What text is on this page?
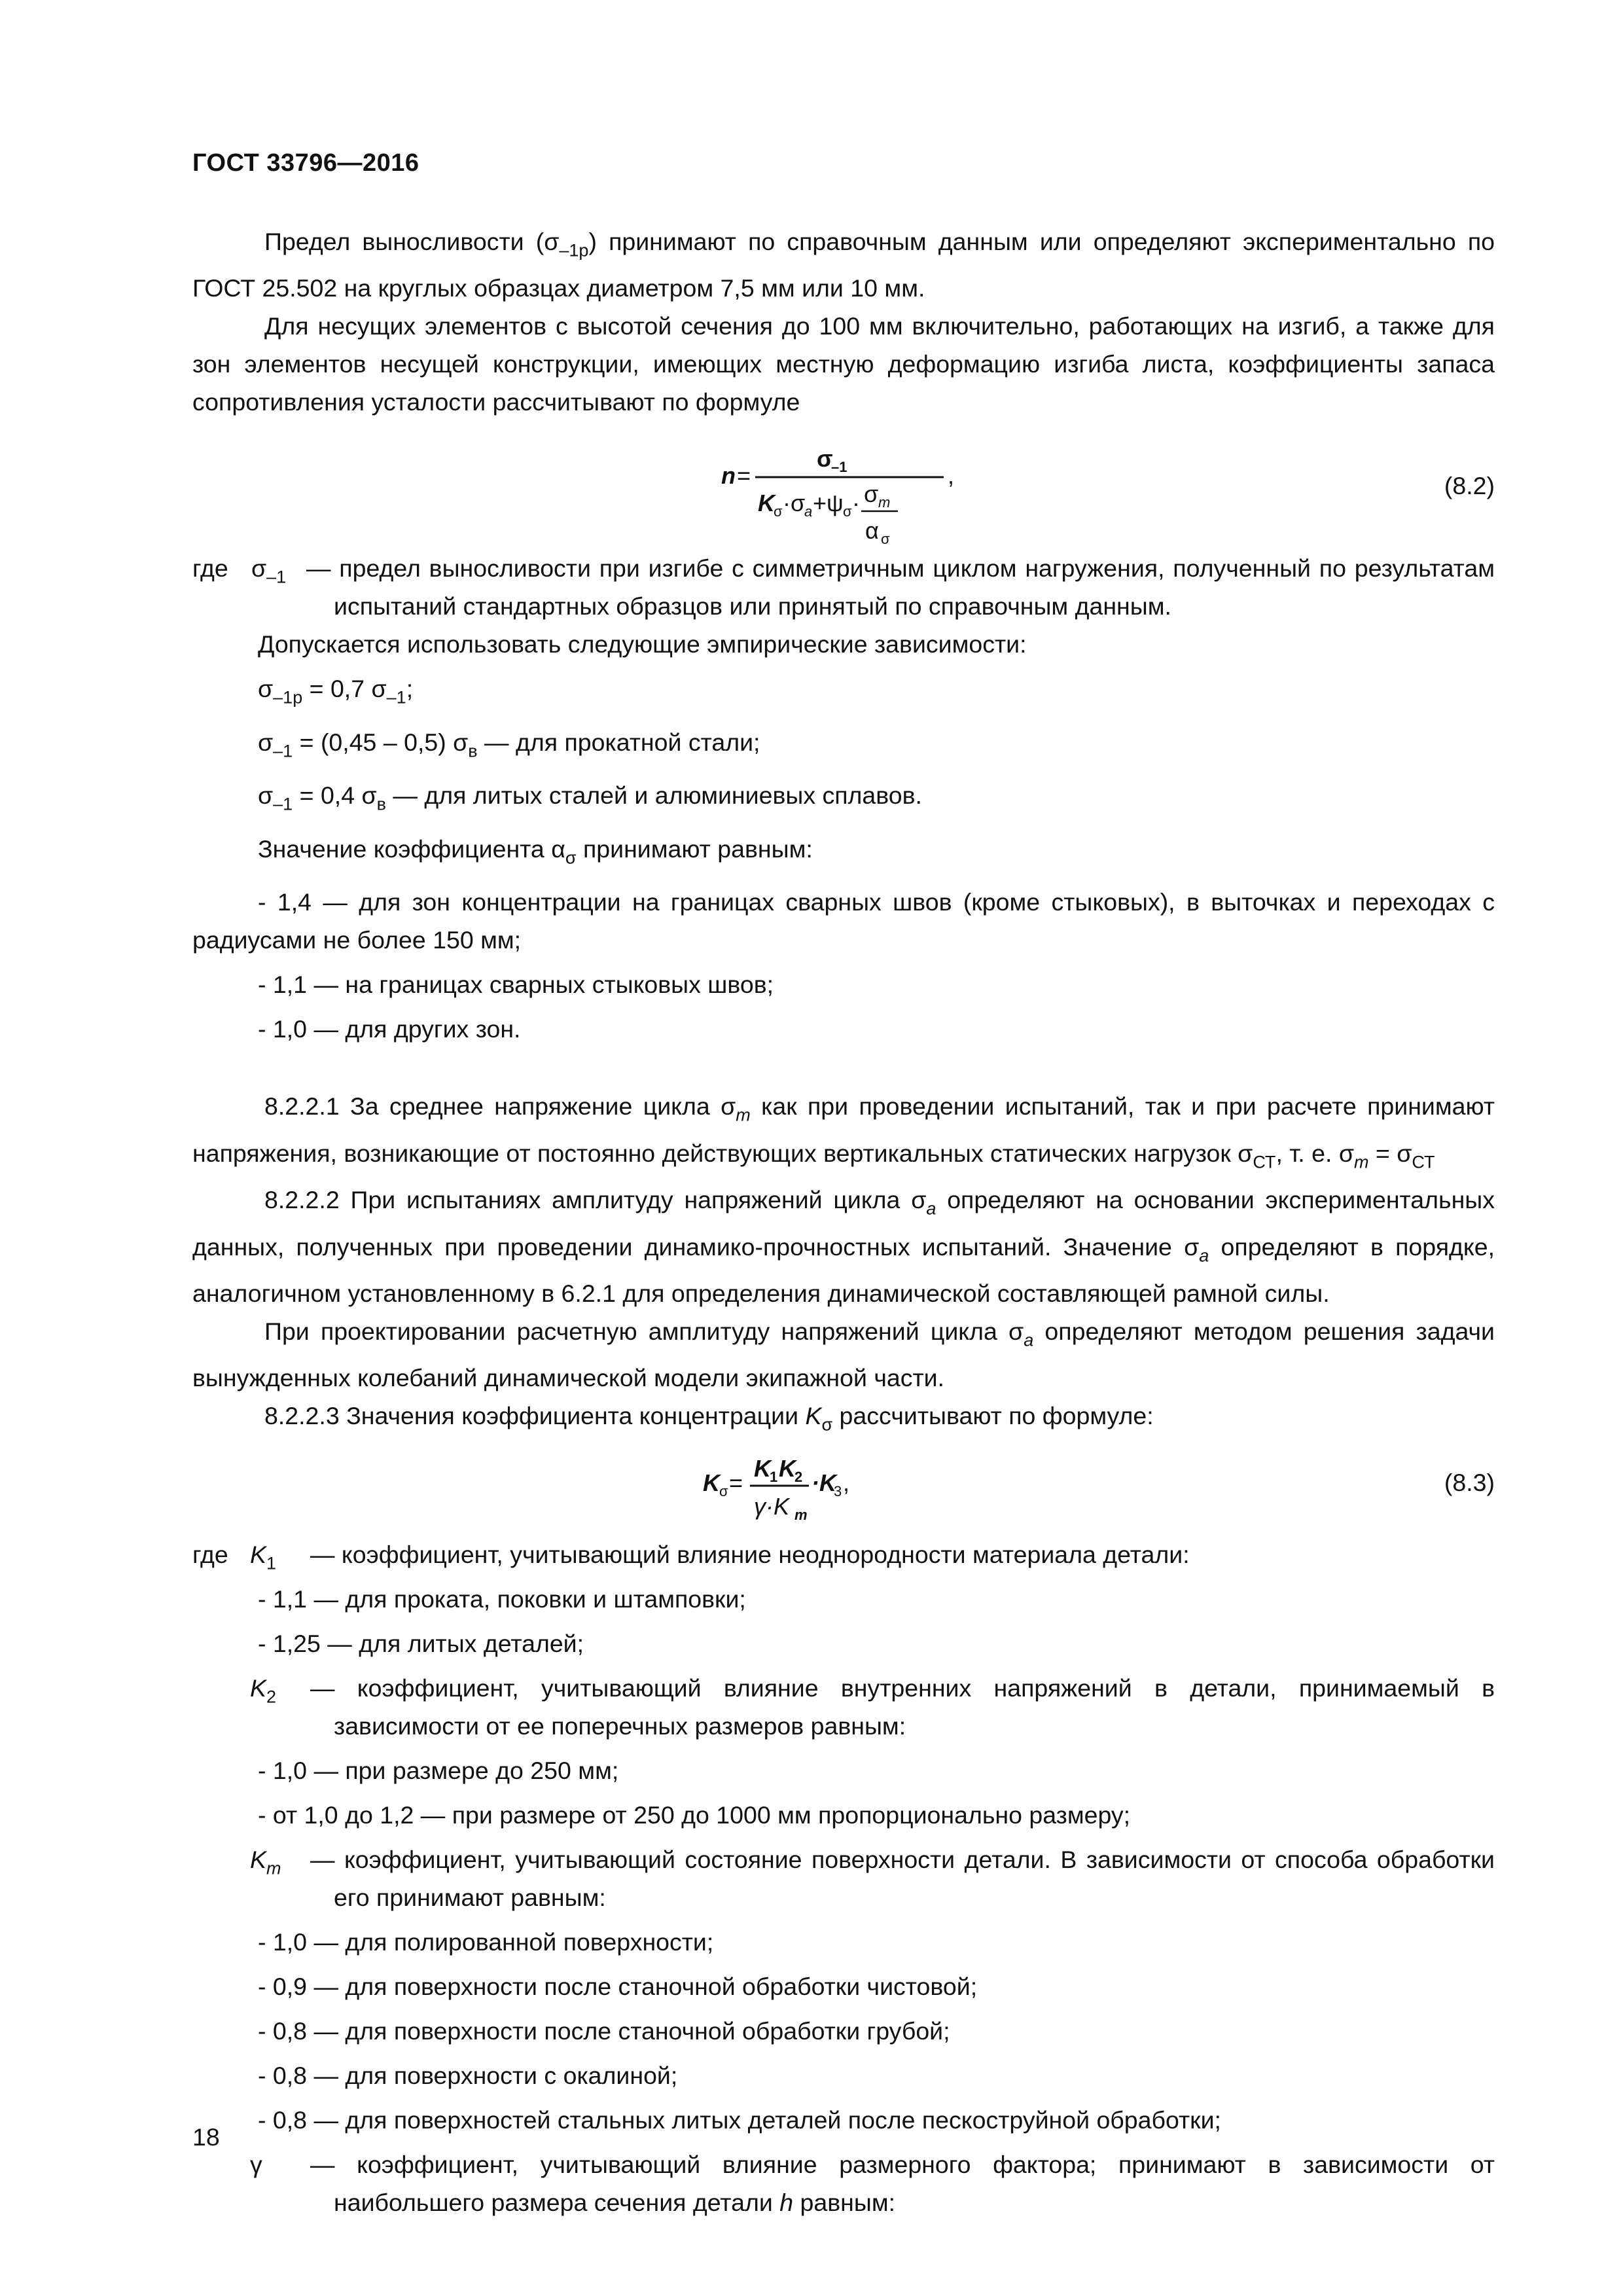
ГОСТ 33796—2016

Предел выносливости $(\sigma_{-1p})$ принимают по справочным данным или определяют экспериментально по ГОСТ 25.502 на круглых образцах диаметром 7,5 мм или 10 мм.

Для несущих элементов с высотой сечения до 100 мм включительно, работающих на изгиб, а также для зон элементов несущей конструкции, имеющих местную деформацию изгиба листа, коэффициенты запаса сопротивления усталости рассчитывают по формуле

n =
σ
–1	,
K
σ ·σ
a +ψ σ · σ m
α σ
(8.2)

где $\sigma_{-1}$ — предел выносливости при изгибе с симметричным циклом нагружения, полученный по результатам испытаний стандартных образцов или принятый по справочным данным.

Допускается использовать следующие эмпирические зависимости:

$\sigma_{-1p} = 0,7$ $\sigma_{-1}$;

$\sigma_{-1} = (0,45 - 0,5)$ $\sigma_в$ — для прокатной стали;

$\sigma_{-1} = 0,4$ $\sigma_в$ — для литых сталей и алюминиевых сплавов.

Значение коэффициента $\alpha_\sigma$ принимают равным:

- 1,4 — для зон концентрации на границах сварных швов (кроме стыковых), в выточках и переходах с радиусами не более 150 мм;

- 1,1 — на границах сварных стыковых швов;

- 1,0 — для других зон.

8.2.2.1 За среднее напряжение цикла $\sigma_m$ как при проведении испытаний, так и при расчете принимают напряжения, возникающие от постоянно действующих вертикальных статических нагрузок $\sigma_{СТ}$, т. е. $\sigma_m = \sigma_{СТ}$

8.2.2.2 При испытаниях амплитуду напряжений цикла $\sigma_a$ определяют на основании экспериментальных данных, полученных при проведении динамико-прочностных испытаний. Значение $\sigma_a$ определяют в порядке, аналогичном установленному в 6.2.1 для определения динамической составляющей рамной силы.

При проектировании расчетную амплитуду напряжений цикла $\sigma_a$ определяют методом решения задачи вынужденных колебаний динамической модели экипажной части.

8.2.2.3 Значения коэффициента концентрации $K_\sigma$ рассчитывают по формуле:

K σ =
K
1 K
2
γ·K m
·K
3 ,	(8.3)

где $K_1$	— коэффициент, учитывающий влияние неоднородности материала детали:

- 1,1 — для проката, поковки и штамповки;

- 1,25 — для литых деталей;

$K_2$	— коэффициент, учитывающий влияние внутренних напряжений в детали, принимаемый в зависимости от ее поперечных размеров равным:

- 1,0 — при размере до 250 мм;

- от 1,0 до 1,2 — при размере от 250 до 1000 мм пропорционально размеру;

$K_m$	— коэффициент, учитывающий состояние поверхности детали. В зависимости от способа обработки его принимают равным:

- 1,0 — для полированной поверхности;

- 0,9 — для поверхности после станочной обработки чистовой;

- 0,8 — для поверхности после станочной обработки грубой;

- 0,8 — для поверхности с окалиной;

- 0,8 — для поверхностей стальных литых деталей после пескоструйной обработки;

γ	— коэффициент, учитывающий влияние размерного фактора; принимают в зависимости от наибольшего размера сечения детали h равным:

18
